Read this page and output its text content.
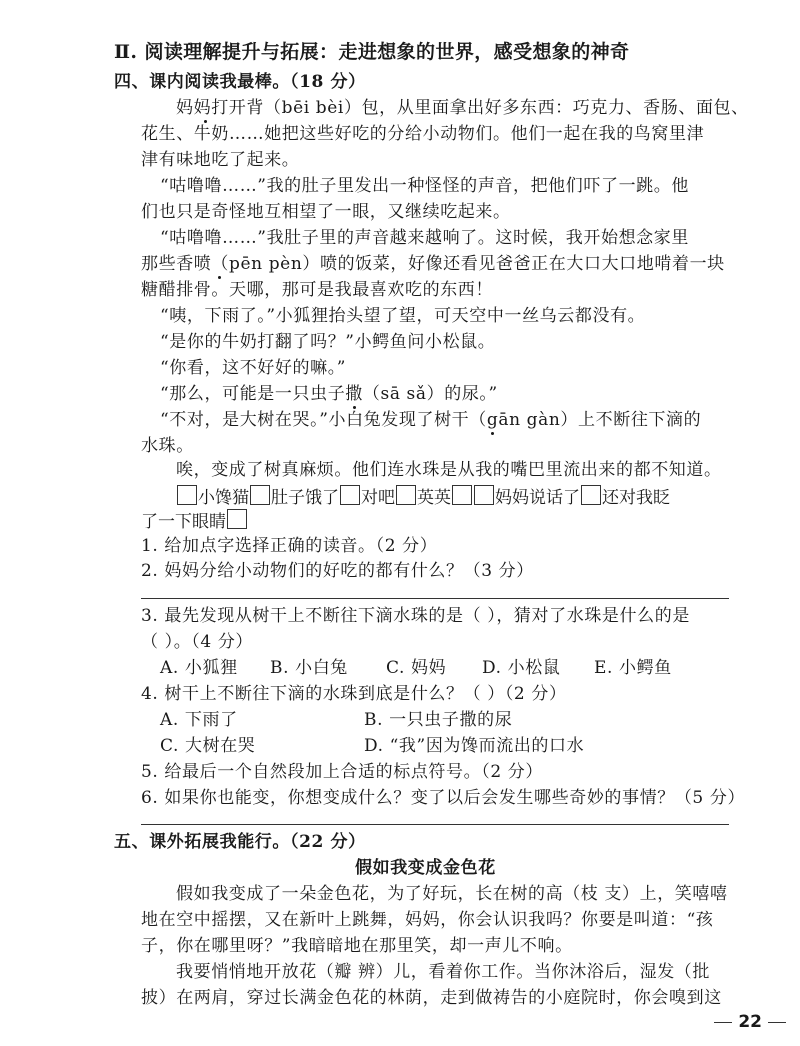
Ⅱ. 阅读理解提升与拓展：走进想象的世界，感受想象的神奇
四、课内阅读我最棒。（18 分）
妈妈打开背（bēi bèi）包，从里面拿出好多东西：巧克力、香肠、面包、
花生、牛奶……她把这些好吃的分给小动物们。他们一起在我的鸟窝里津
津有味地吃了起来。
“咕噜噜……”我的肚子里发出一种怪怪的声音，把他们吓了一跳。他
们也只是奇怪地互相望了一眼，又继续吃起来。
“咕噜噜……”我肚子里的声音越来越响了。这时候，我开始想念家里
那些香喷（pēn pèn）喷的饭菜，好像还看见爸爸正在大口大口地啃着一块
糖醋排骨。天哪，那可是我最喜欢吃的东西！
“咦，下雨了。”小狐狸抬头望了望，可天空中一丝乌云都没有。
“是你的牛奶打翻了吗？”小鳄鱼问小松鼠。
“你看，这不好好的嘛。”
“那么，可能是一只虫子撒（sā sǎ）的尿。”
“不对，是大树在哭。”小白兔发现了树干（gān gàn）上不断往下滴的
水珠。
唉，变成了树真麻烦。他们连水珠是从我的嘴巴里流出来的都不知道。
小馋猫 肚子饿了 对吧 英英	妈妈说话了 还对我眨
了一下眼睛
1. 给加点字选择正确的读音。（2 分）
2. 妈妈分给小动物们的好吃的都有什么？（3 分）
3. 最先发现从树干上不断往下滴水珠的是（ ），猜对了水珠是什么的是
（ ）。（4 分）
A. 小狐狸 B. 小白兔 C. 妈妈 D. 小松鼠 E. 小鳄鱼
4. 树干上不断往下滴的水珠到底是什么？（ ）（2 分）
A. 下雨了	B. 一只虫子撒的尿
C. 大树在哭	D. “我”因为馋而流出的口水
5. 给最后一个自然段加上合适的标点符号。（2 分）
6. 如果你也能变，你想变成什么？变了以后会发生哪些奇妙的事情？（5 分）
五、课外拓展我能行。（22 分）
假如我变成金色花
假如我变成了一朵金色花，为了好玩，长在树的高（枝 支）上，笑嘻嘻
地在空中摇摆，又在新叶上跳舞，妈妈，你会认识我吗？你要是叫道：“孩
子，你在哪里呀？”我暗暗地在那里笑，却一声儿不响。
我要悄悄地开放花（瓣 辨）儿，看着你工作。当你沐浴后，湿发（批
披）在两肩，穿过长满金色花的林荫，走到做祷告的小庭院时，你会嗅到这
22
